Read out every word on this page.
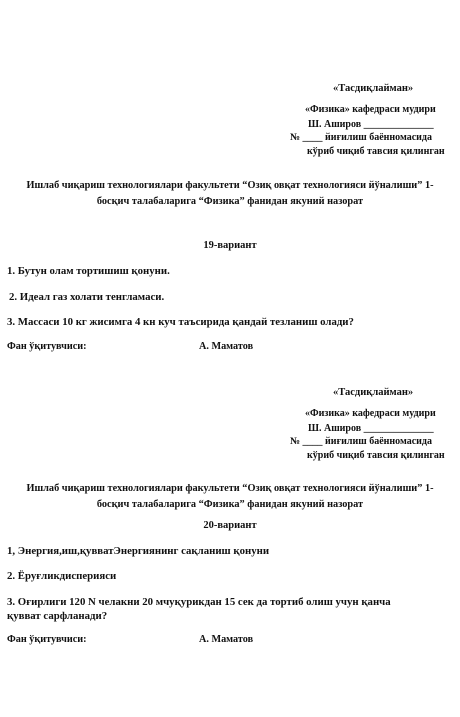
«Тасдиқлайман»
«Физика» кафедраси мудири
Ш. Аширов ______________
№ ____ йиғилиш баённомасида
кўриб чиқиб тавсия қилинган
Ишлаб чиқариш технологиялари факультети “Озиқ овқат технологияси йўналиши” 1-
босқич талабаларига “Физика” фанидан якуний назорат
19-вариант
1. Бутун олам тортишиш қонуни.
2. Идеал газ холати тенгламаси.
3. Массаси 10 кг жисимга 4 кн куч таъсирида қандай тезланиш олади?
Фан ўқитувчиси:	А. Маматов
«Тасдиқлайман»
«Физика» кафедраси мудири
Ш. Аширов ______________
№ ____ йиғилиш баённомасида
кўриб чиқиб тавсия қилинган
Ишлаб чиқариш технологиялари факультети “Озиқ овқат технологияси йўналиши” 1-
босқич талабаларига “Физика” фанидан якуний назорат
20-вариант
1, Энергия,иш,қувватЭнергиянинг сақланиш қонуни
2. Ёруғликдисперияси
3. Оғирлиги 120 N челакни 20 мчуқурикдан 15 сек да тортиб олиш учун қанча
қувват сарфланади?
Фан ўқитувчиси:	А. Маматов
